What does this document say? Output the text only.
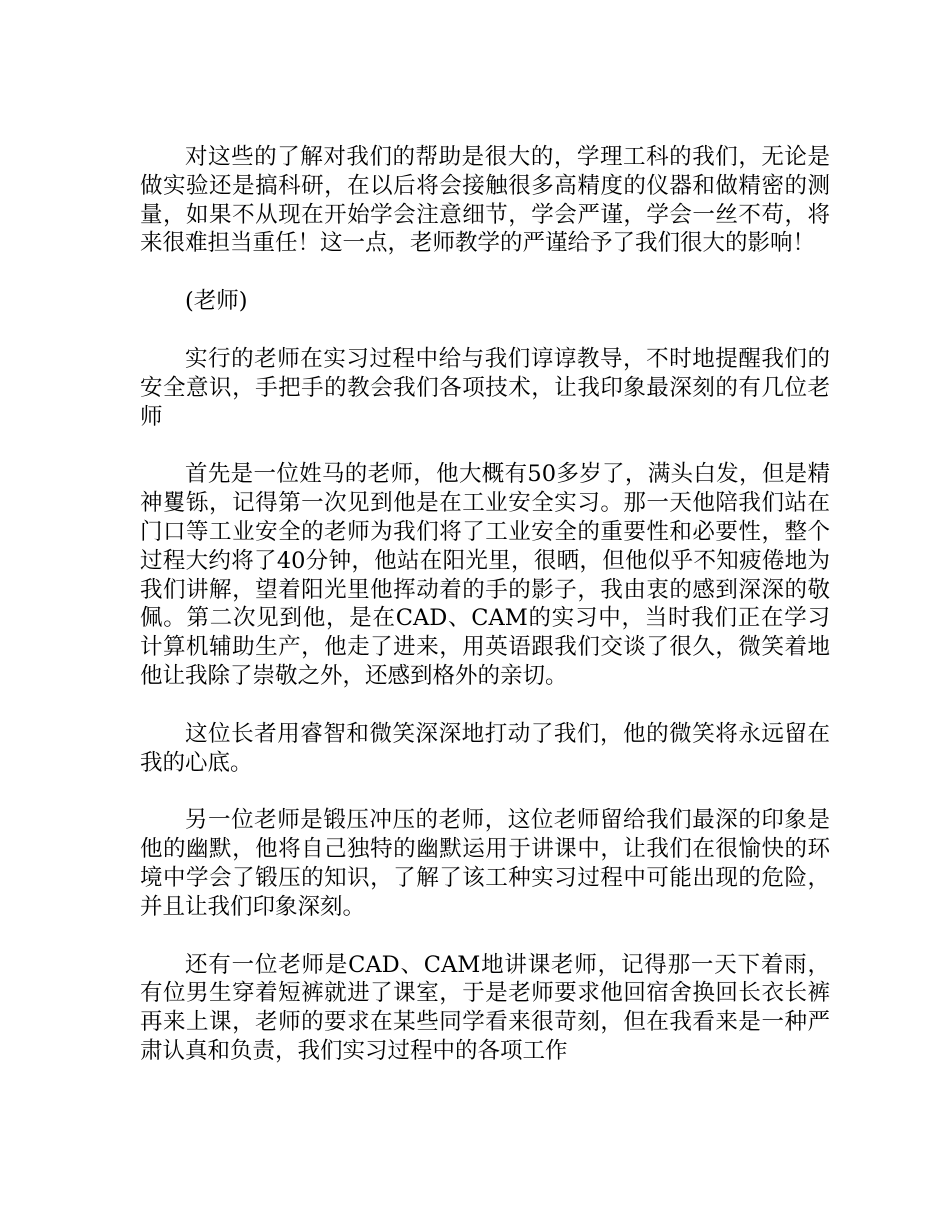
对这些的了解对我们的帮助是很大的，学理工科的我们，无论是做实验还是搞科研，在以后将会接触很多高精度的仪器和做精密的测量，如果不从现在开始学会注意细节，学会严谨，学会一丝不苟，将来很难担当重任！这一点，老师教学的严谨给予了我们很大的影响！

(老师)

实行的老师在实习过程中给与我们谆谆教导，不时地提醒我们的安全意识，手把手的教会我们各项技术，让我印象最深刻的有几位老师

首先是一位姓马的老师，他大概有50多岁了，满头白发，但是精神矍铄，记得第一次见到他是在工业安全实习。那一天他陪我们站在门口等工业安全的老师为我们将了工业安全的重要性和必要性，整个过程大约将了40分钟，他站在阳光里，很晒，但他似乎不知疲倦地为我们讲解，望着阳光里他挥动着的手的影子，我由衷的感到深深的敬佩。第二次见到他，是在CAD、CAM的实习中，当时我们正在学习计算机辅助生产，他走了进来，用英语跟我们交谈了很久，微笑着地他让我除了崇敬之外，还感到格外的亲切。

这位长者用睿智和微笑深深地打动了我们，他的微笑将永远留在我的心底。

另一位老师是锻压冲压的老师，这位老师留给我们最深的印象是他的幽默，他将自己独特的幽默运用于讲课中，让我们在很愉快的环境中学会了锻压的知识，了解了该工种实习过程中可能出现的危险，并且让我们印象深刻。

还有一位老师是CAD、CAM地讲课老师，记得那一天下着雨，有位男生穿着短裤就进了课室，于是老师要求他回宿舍换回长衣长裤再来上课，老师的要求在某些同学看来很苛刻，但在我看来是一种严肃认真和负责，我们实习过程中的各项工作
